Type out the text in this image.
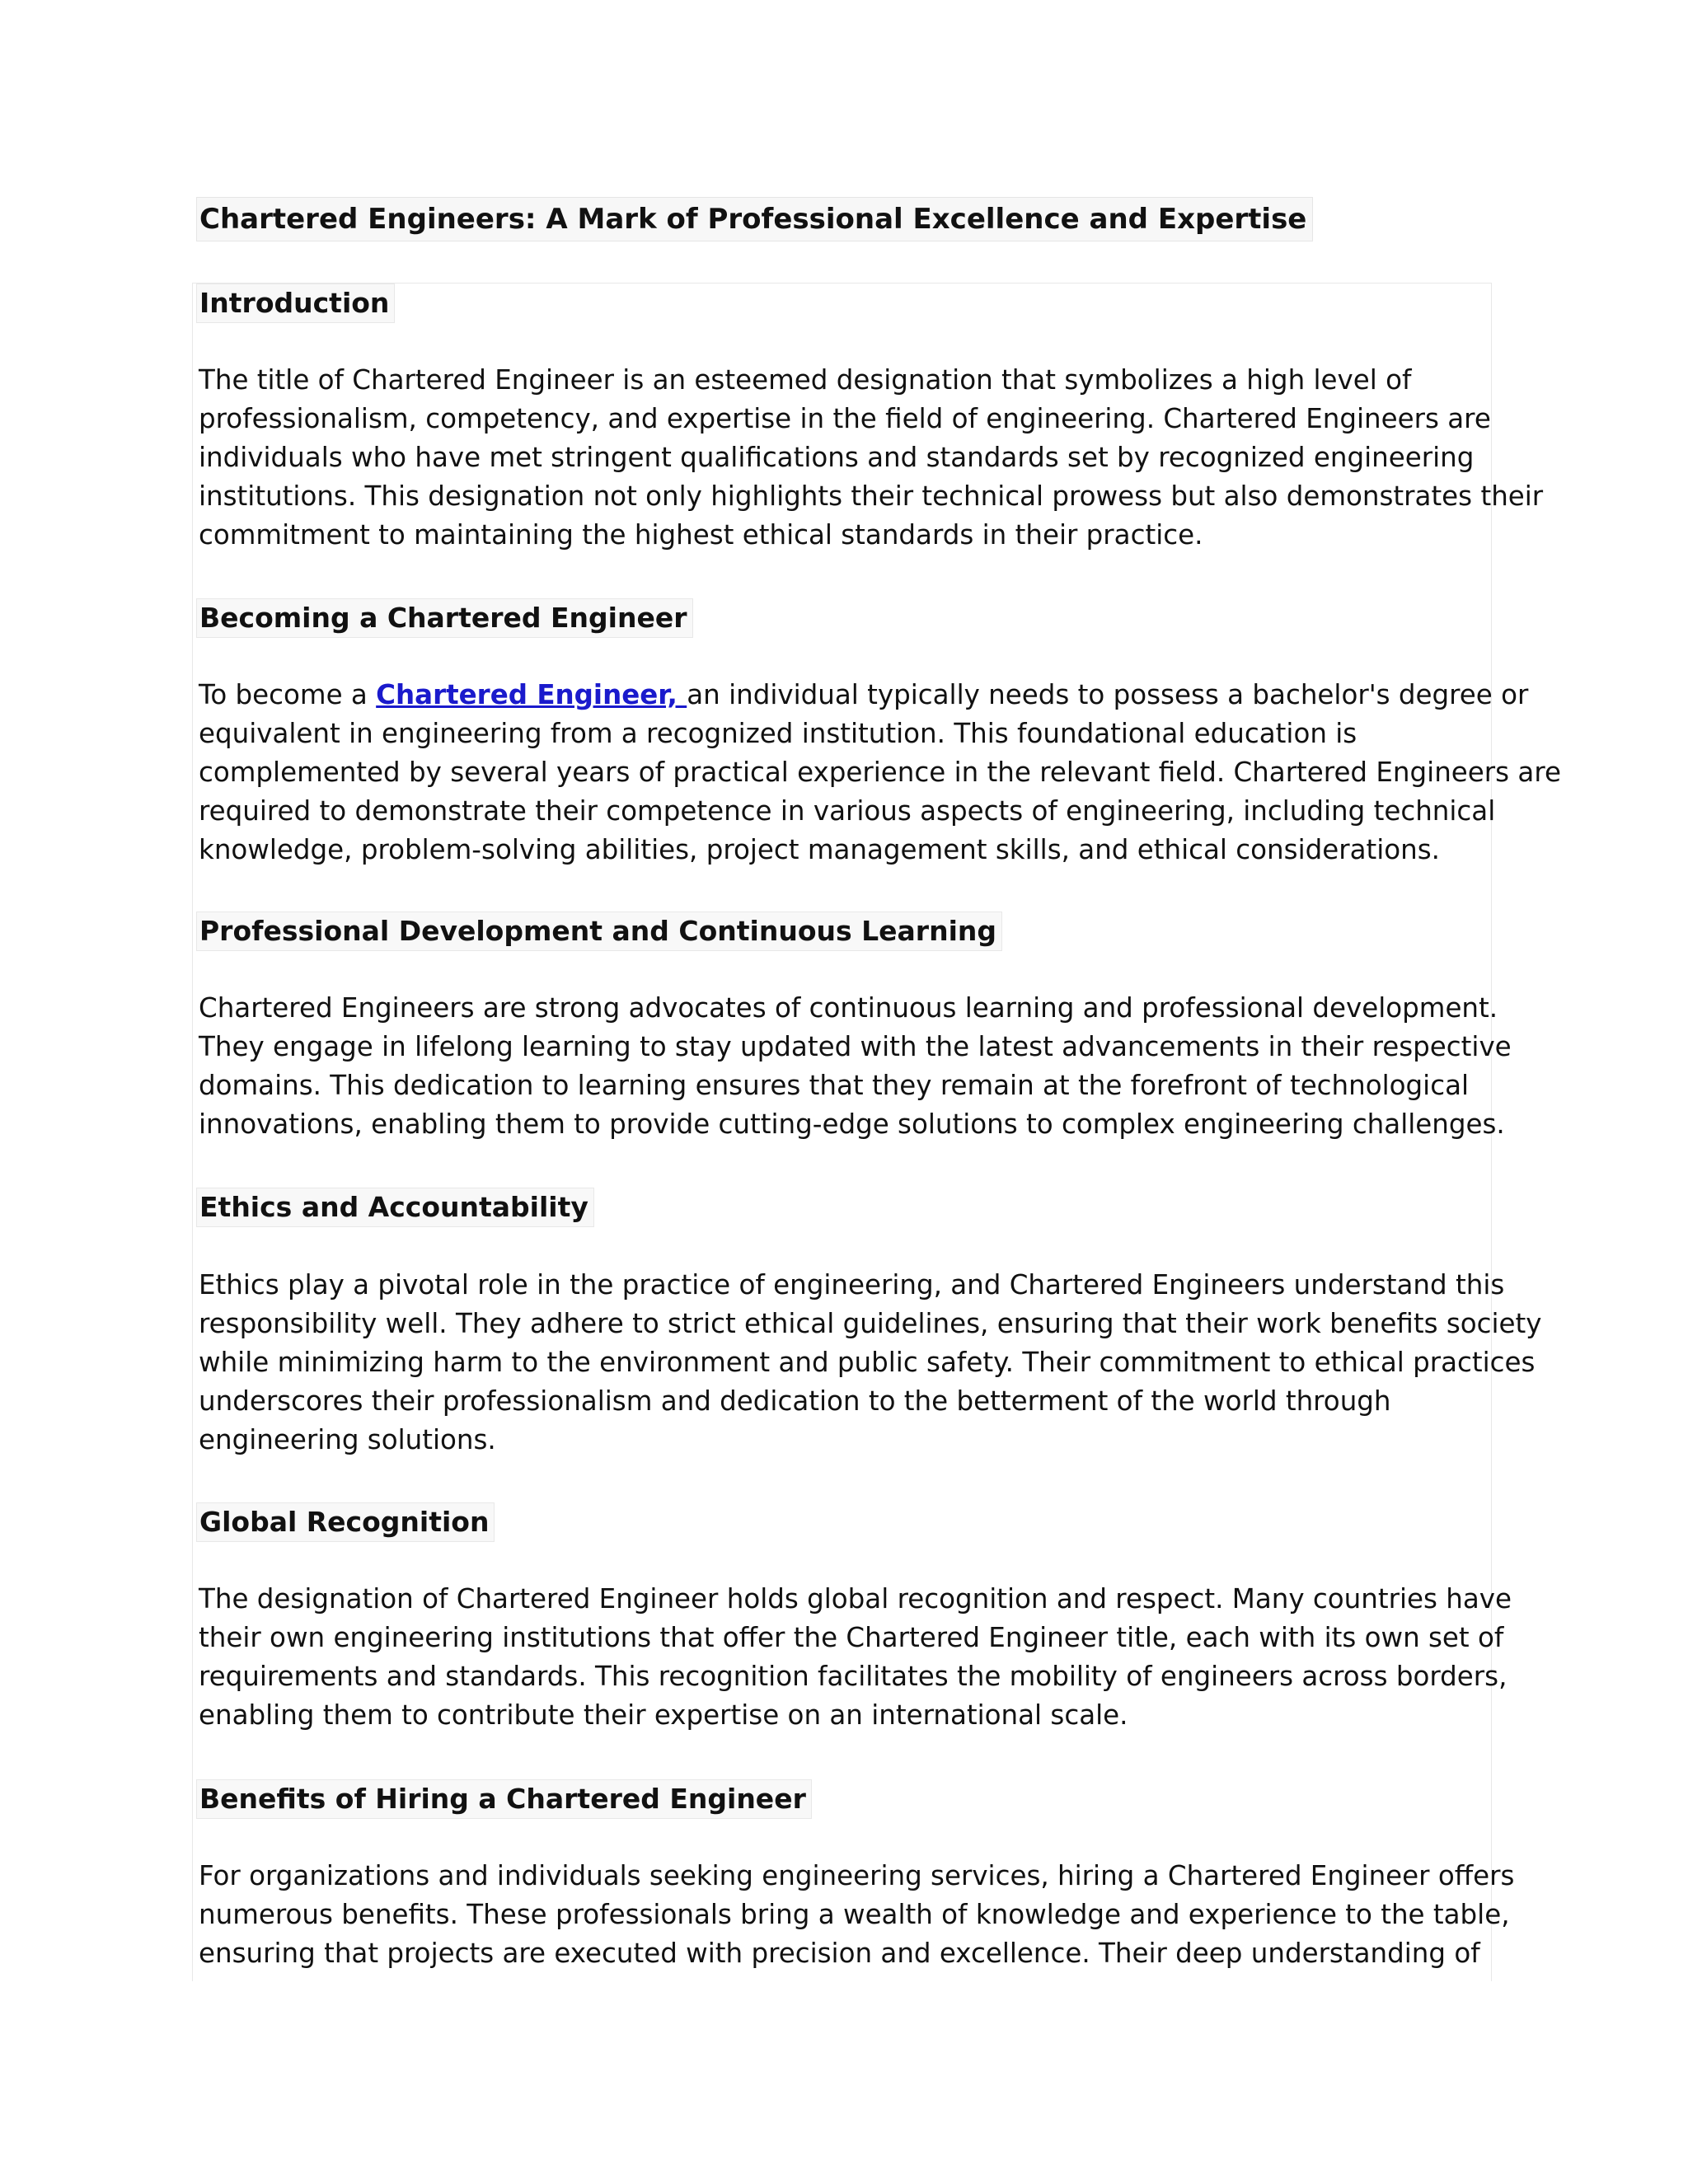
Chartered Engineers: A Mark of Professional Excellence and Expertise
Introduction

The title of Chartered Engineer is an esteemed designation that symbolizes a high level of
professionalism, competency, and expertise in the field of engineering. Chartered Engineers are
individuals who have met stringent qualifications and standards set by recognized engineering
institutions. This designation not only highlights their technical prowess but also demonstrates their
commitment to maintaining the highest ethical standards in their practice.

Becoming a Chartered Engineer

To become a Chartered Engineer, an individual typically needs to possess a bachelor's degree or
equivalent in engineering from a recognized institution. This foundational education is
complemented by several years of practical experience in the relevant field. Chartered Engineers are
required to demonstrate their competence in various aspects of engineering, including technical
knowledge, problem-solving abilities, project management skills, and ethical considerations.

Professional Development and Continuous Learning

Chartered Engineers are strong advocates of continuous learning and professional development.
They engage in lifelong learning to stay updated with the latest advancements in their respective
domains. This dedication to learning ensures that they remain at the forefront of technological
innovations, enabling them to provide cutting-edge solutions to complex engineering challenges.

Ethics and Accountability

Ethics play a pivotal role in the practice of engineering, and Chartered Engineers understand this
responsibility well. They adhere to strict ethical guidelines, ensuring that their work benefits society
while minimizing harm to the environment and public safety. Their commitment to ethical practices
underscores their professionalism and dedication to the betterment of the world through
engineering solutions.

Global Recognition

The designation of Chartered Engineer holds global recognition and respect. Many countries have
their own engineering institutions that offer the Chartered Engineer title, each with its own set of
requirements and standards. This recognition facilitates the mobility of engineers across borders,
enabling them to contribute their expertise on an international scale.

Benefits of Hiring a Chartered Engineer

For organizations and individuals seeking engineering services, hiring a Chartered Engineer offers
numerous benefits. These professionals bring a wealth of knowledge and experience to the table,
ensuring that projects are executed with precision and excellence. Their deep understanding of
